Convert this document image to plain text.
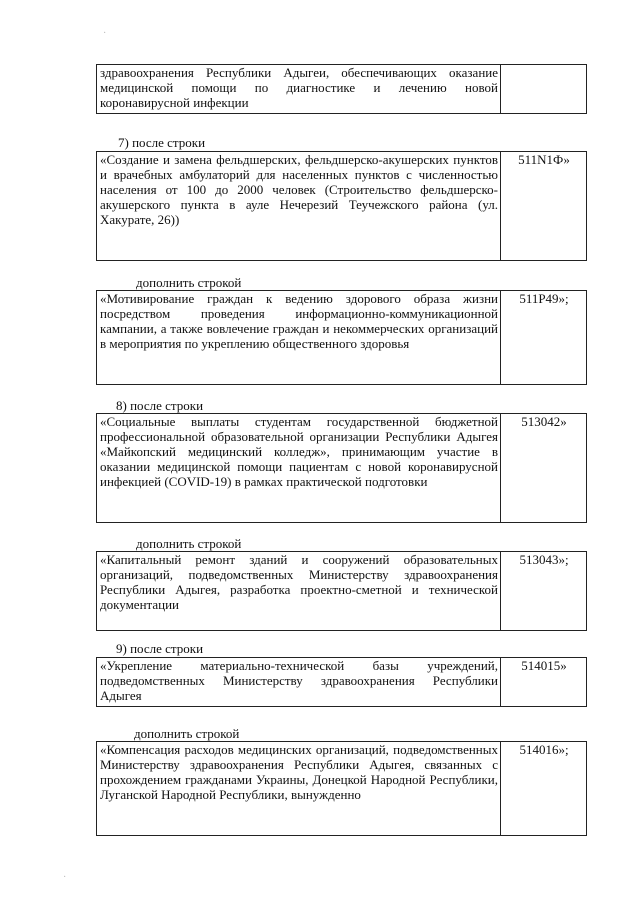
·
здравоохранения Республики Адыгеи, обеспечивающих оказание медицинской помощи по диагностике и лечению новой коронавирусной инфекции	
7) после строки
«Создание и замена фельдшерских, фельдшерско-акушерских пунктов и врачебных амбулаторий для населенных пунктов с численностью населения от 100 до 2000 человек (Строительство фельдшерско-акушерского пункта в ауле Нечерезий Теучежского района (ул. Хакурате, 26))	511N1Ф»
дополнить строкой
«Мотивирование граждан к ведению здорового образа жизни посредством проведения информационно-коммуникационной кампании, а также вовлечение граждан и некоммерческих организаций в мероприятия по укреплению общественного здоровья	511P49»;
8) после строки
«Социальные выплаты студентам государственной бюджетной профессиональной образовательной организации Республики Адыгея «Майкопский медицинский колледж», принимающим участие в оказании медицинской помощи пациентам с новой коронавирусной инфекцией (COVID-19) в рамках практической подготовки	513042»
дополнить строкой
«Капитальный ремонт зданий и сооружений образовательных организаций, подведомственных Министерству здравоохранения Республики Адыгея, разработка проектно-сметной и технической документации	513043»;
9) после строки
«Укрепление материально-технической базы учреждений, подведомственных Министерству здравоохранения Республики Адыгея	514015»
дополнить строкой
«Компенсация расходов медицинских организаций, подведомственных Министерству здравоохранения Республики Адыгея, связанных с прохождением гражданами Украины, Донецкой Народной Республики, Луганской Народной Республики, вынужденно	514016»;
·
